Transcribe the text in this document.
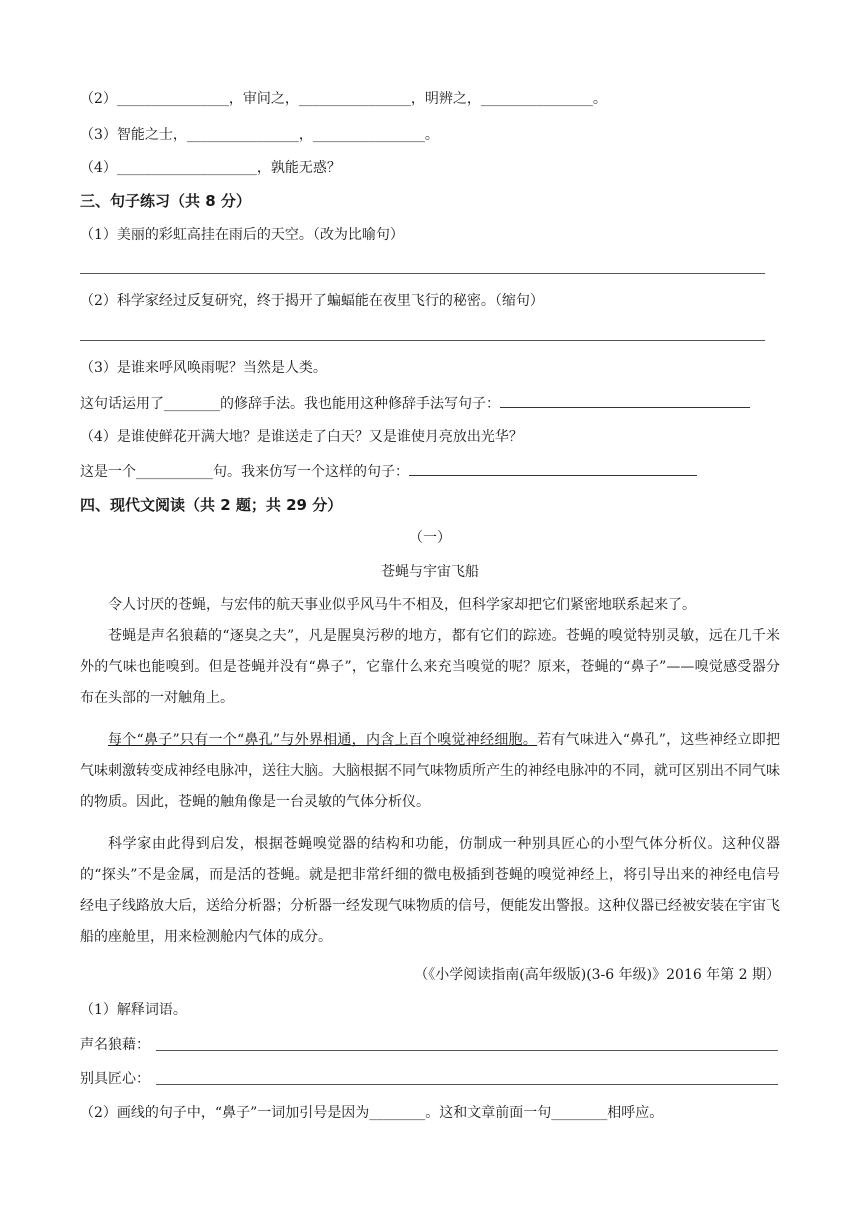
（2）________________，审问之，________________，明辨之，________________。
（3）智能之士，________________，________________。
（4）____________________，孰能无惑？
三、句子练习（共 8 分）
（1）美丽的彩虹高挂在雨后的天空。（改为比喻句）
（2）科学家经过反复研究，终于揭开了蝙蝠能在夜里飞行的秘密。（缩句）
（3）是谁来呼风唤雨呢？当然是人类。
这句话运用了________的修辞手法。我也能用这种修辞手法写句子：
（4）是谁使鲜花开满大地？是谁送走了白天？又是谁使月亮放出光华？
这是一个___________句。我来仿写一个这样的句子：
四、现代文阅读（共 2 题；共 29 分）
（一）
苍蝇与宇宙飞船
令人讨厌的苍蝇，与宏伟的航天事业似乎风马牛不相及，但科学家却把它们紧密地联系起来了。
苍蝇是声名狼藉的“逐臭之夫”，凡是腥臭污秽的地方，都有它们的踪迹。苍蝇的嗅觉特别灵敏，远在几千米外的气味也能嗅到。但是苍蝇并没有“鼻子”，它靠什么来充当嗅觉的呢？原来，苍蝇的“鼻子”——嗅觉感受器分布在头部的一对触角上。
每个“鼻子”只有一个“鼻孔”与外界相通，内含上百个嗅觉神经细胞。若有气味进入“鼻孔”，这些神经立即把气味刺激转变成神经电脉冲，送往大脑。大脑根据不同气味物质所产生的神经电脉冲的不同，就可区别出不同气味的物质。因此，苍蝇的触角像是一台灵敏的气体分析仪。
科学家由此得到启发，根据苍蝇嗅觉器的结构和功能，仿制成一种别具匠心的小型气体分析仪。这种仪器的“探头”不是金属，而是活的苍蝇。就是把非常纤细的微电极插到苍蝇的嗅觉神经上，将引导出来的神经电信号经电子线路放大后，送给分析器；分析器一经发现气味物质的信号，便能发出警报。这种仪器已经被安装在宇宙飞船的座舱里，用来检测舱内气体的成分。
（《小学阅读指南(高年级版)(3-6 年级)》2016 年第 2 期）
（1）解释词语。
声名狼藉：
别具匠心：
（2）画线的句子中，“鼻子”一词加引号是因为________。这和文章前面一句________相呼应。
